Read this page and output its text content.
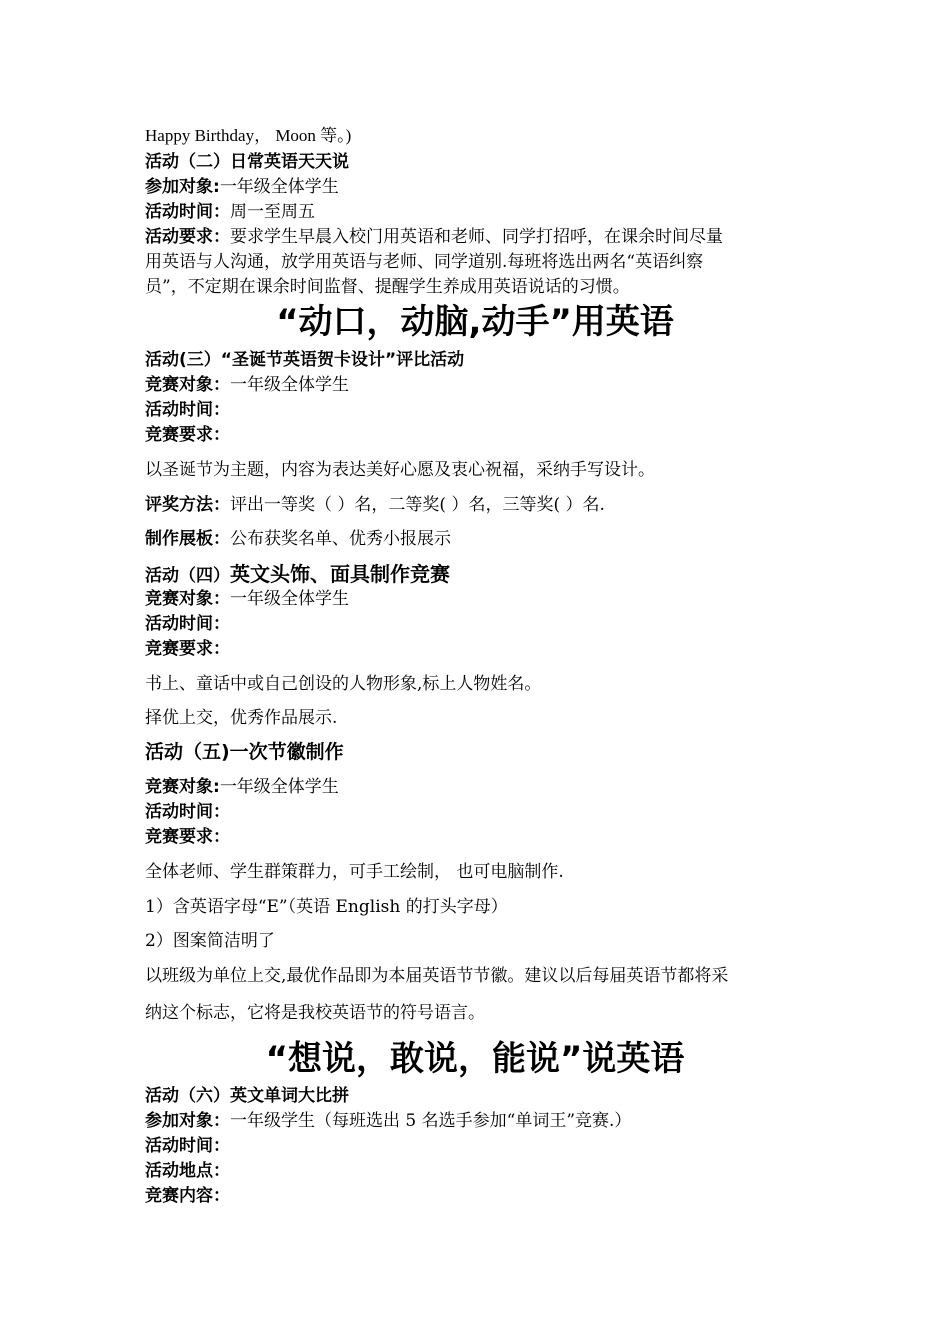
Happy Birthday， Moon 等。)
活动（二）日常英语天天说
参加对象:一年级全体学生
活动时间：周一至周五
活动要求：要求学生早晨入校门用英语和老师、同学打招呼，在课余时间尽量
用英语与人沟通，放学用英语与老师、同学道别.每班将选出两名“英语纠察
员”，不定期在课余时间监督、提醒学生养成用英语说话的习惯。
“动口，动脑,动手”用英语
活动(三）“圣诞节英语贺卡设计”评比活动
竞赛对象：一年级全体学生
活动时间：
竞赛要求：
以圣诞节为主题，内容为表达美好心愿及衷心祝福，采纳手写设计。
评奖方法：评出一等奖（ ）名，二等奖( ）名，三等奖( ）名.
制作展板：公布获奖名单、优秀小报展示
活动（四）英文头饰、面具制作竞赛
竞赛对象：一年级全体学生
活动时间：
竞赛要求：
书上、童话中或自己创设的人物形象,标上人物姓名。
择优上交，优秀作品展示.
活动（五)一次节徽制作
竞赛对象:一年级全体学生
活动时间：
竞赛要求：
全体老师、学生群策群力，可手工绘制， 也可电脑制作.
1）含英语字母“E”（英语 English 的打头字母）
2）图案简洁明了
以班级为单位上交,最优作品即为本届英语节节徽。建议以后每届英语节都将采
纳这个标志，它将是我校英语节的符号语言。
“想说，敢说，能说”说英语
活动（六）英文单词大比拼
参加对象：一年级学生（每班选出 5 名选手参加“单词王”竞赛.）
活动时间：
活动地点：
竞赛内容：
